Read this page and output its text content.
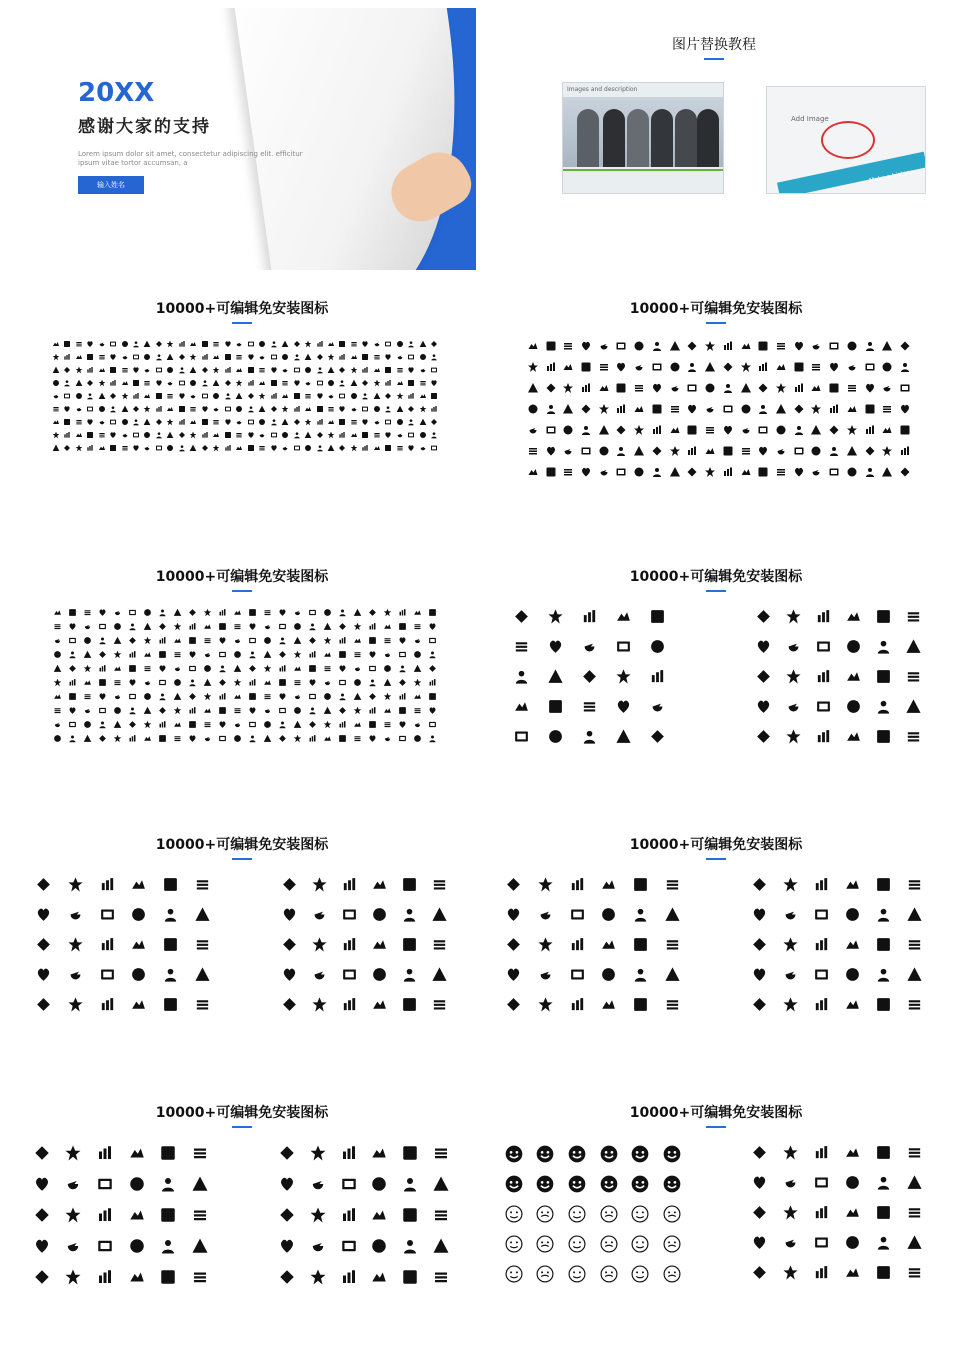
20XX
感谢大家的支持
Lorem ipsum dolor sit amet, consectetur adipiscing elit. efficitur ipsum vitae tortor accumsan, a
输入姓名
图片替换教程
Images and description
Add Image
Make a history
10000+可编辑免安装图标	10000+可编辑免安装图标
10000+可编辑免安装图标	10000+可编辑免安装图标
10000+可编辑免安装图标	10000+可编辑免安装图标
10000+可编辑免安装图标	10000+可编辑免安装图标
